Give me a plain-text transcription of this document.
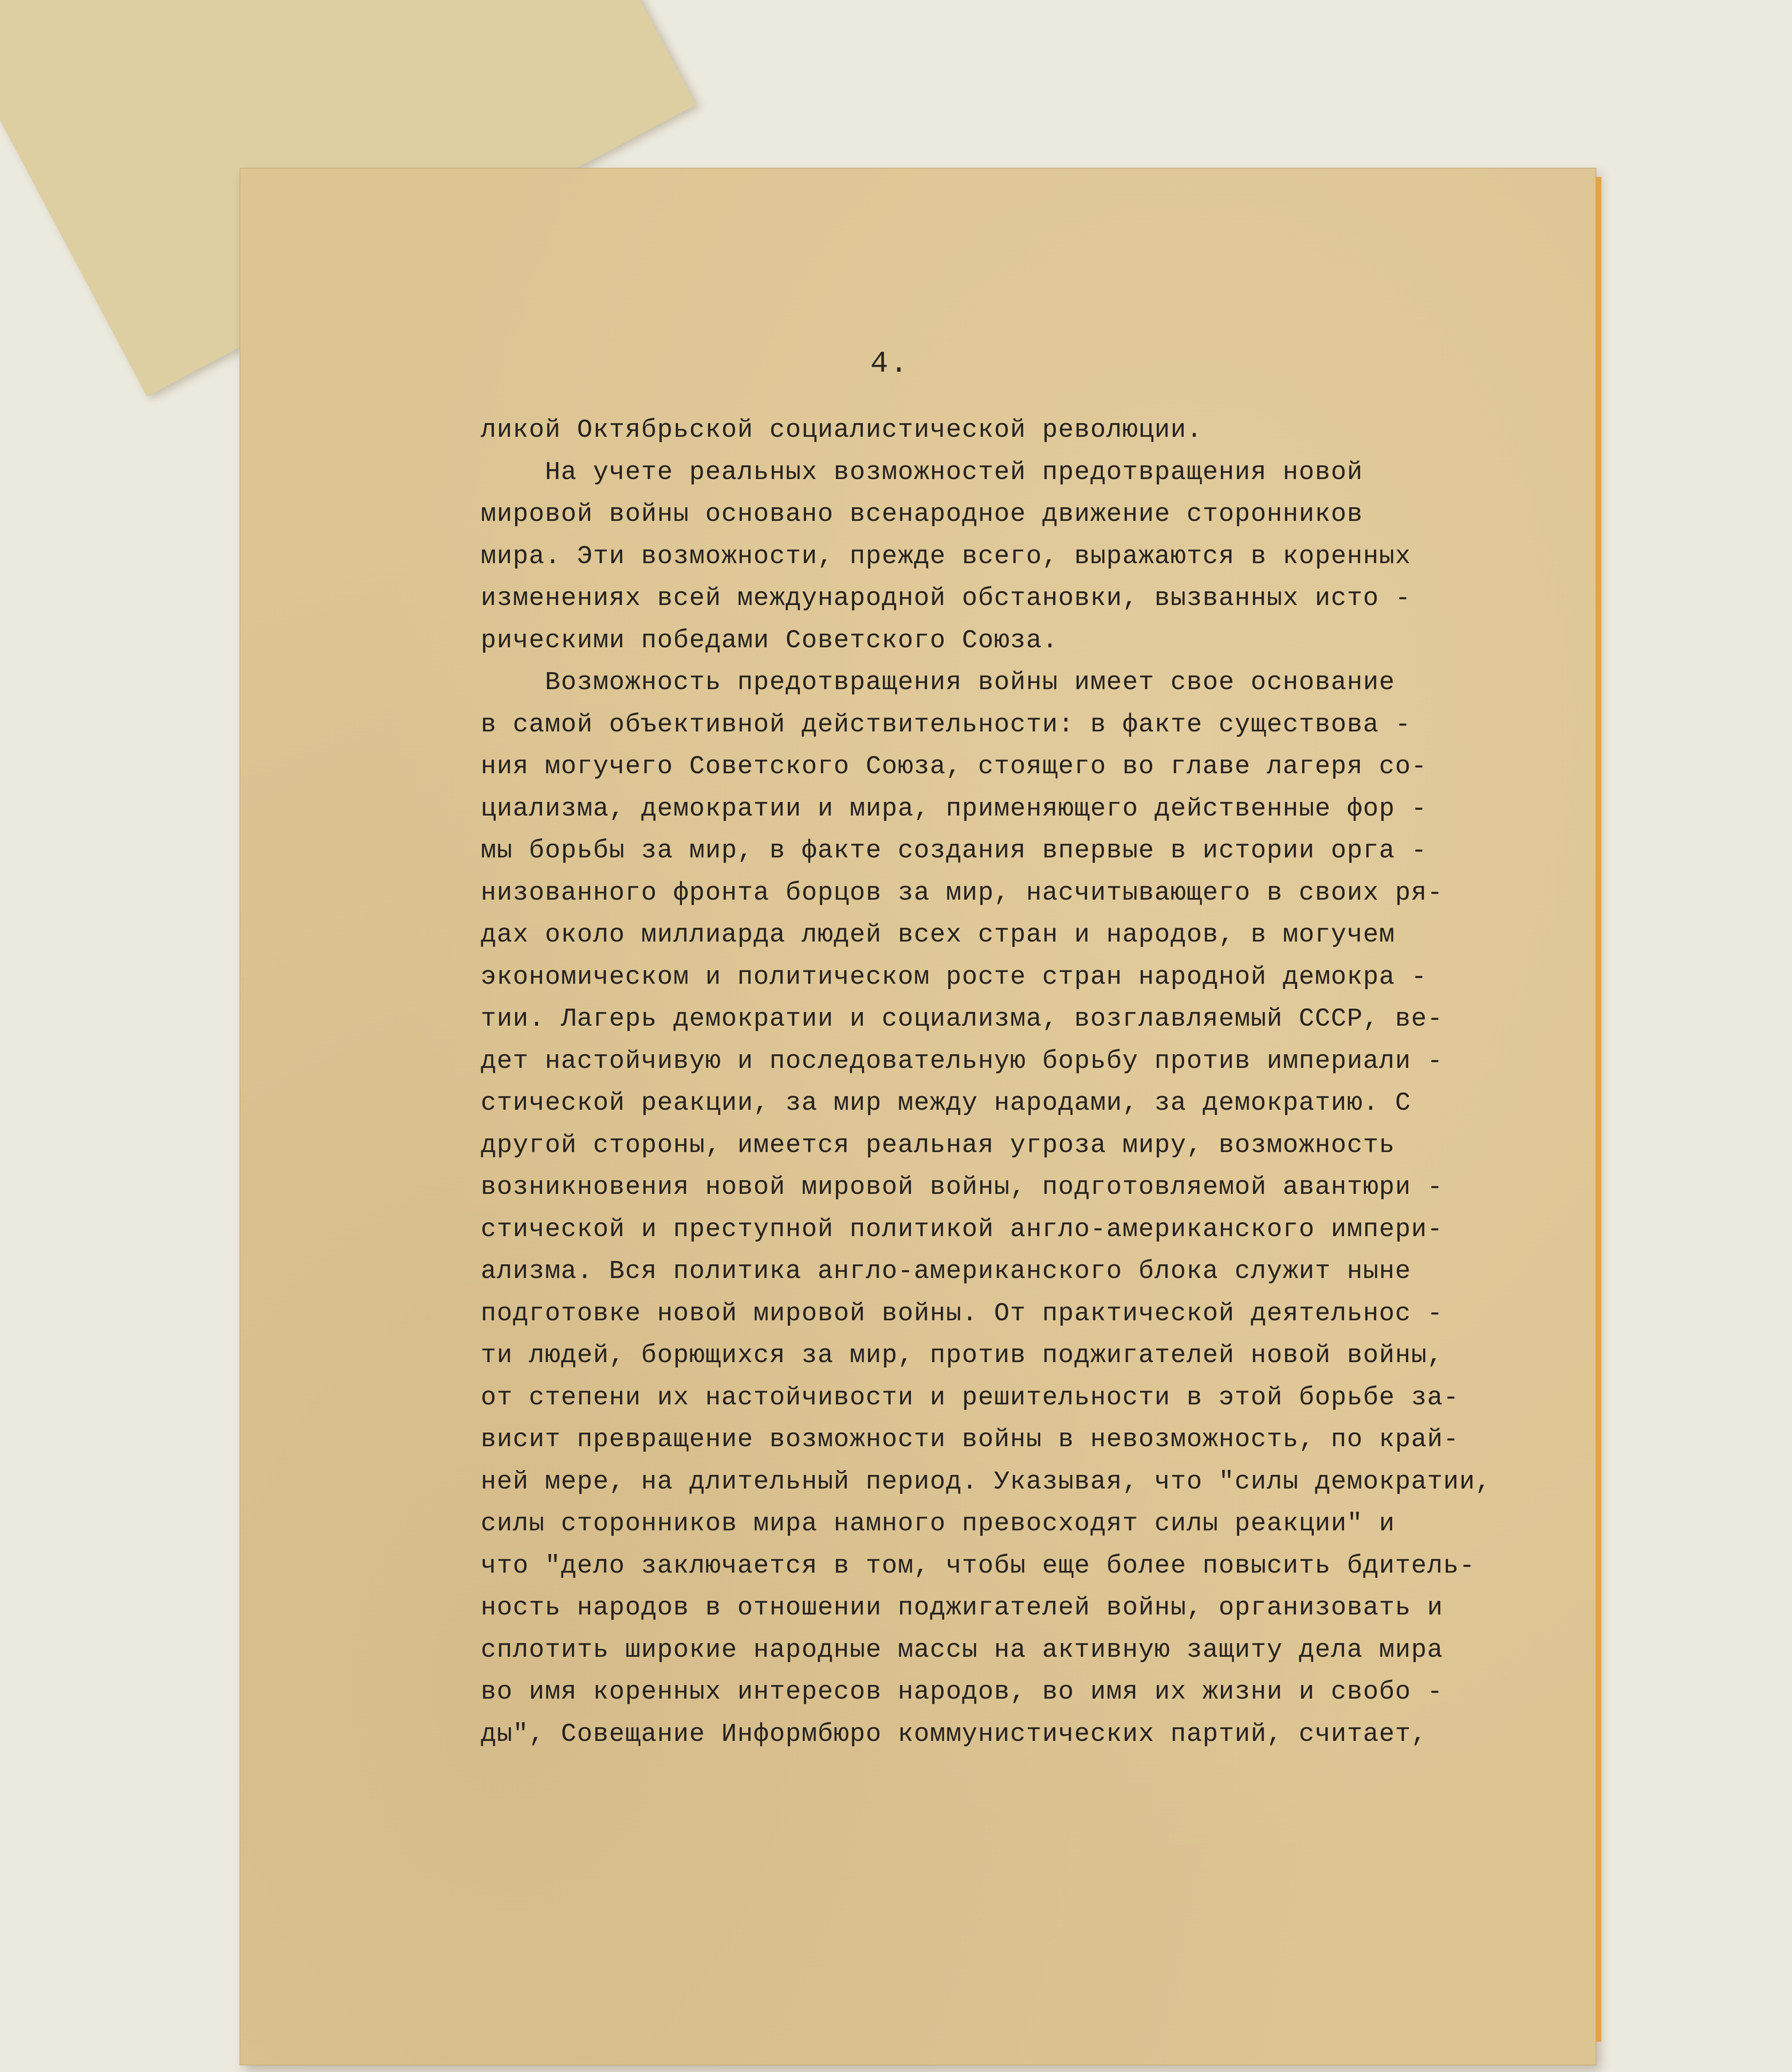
4.
ликой Октябрьской социалистической революции.
На учете реальных возможностей предотвращения новой
мировой войны основано всенародное движение сторонников
мира. Эти возможности, прежде всего, выражаются в коренных
изменениях всей международной обстановки, вызванных исто -
рическими победами Советского Союза.
Возможность предотвращения войны имеет свое основание
в самой объективной действительности: в факте существова -
ния могучего Советского Союза, стоящего во главе лагеря со-
циализма, демократии и мира, применяющего действенные фор -
мы борьбы за мир, в факте создания впервые в истории орга -
низованного фронта борцов за мир, насчитывающего в своих ря-
дах около миллиарда людей всех стран и народов, в могучем
экономическом и политическом росте стран народной демокра -
тии. Лагерь демократии и социализма, возглавляемый СССР, ве-
дет настойчивую и последовательную борьбу против империали -
стической реакции, за мир между народами, за демократию. С
другой стороны, имеется реальная угроза миру, возможность
возникновения новой мировой войны, подготовляемой авантюри -
стической и преступной политикой англо-американского импери-
ализма. Вся политика англо-американского блока служит ныне
подготовке новой мировой войны. От практической деятельнос -
ти людей, борющихся за мир, против поджигателей новой войны,
от степени их настойчивости и решительности в этой борьбе за-
висит превращение возможности войны в невозможность, по край-
ней мере, на длительный период. Указывая, что "силы демократии,
силы сторонников мира намного превосходят силы реакции" и
что "дело заключается в том, чтобы еще более повысить бдитель-
ность народов в отношении поджигателей войны, организовать и
сплотить широкие народные массы на активную защиту дела мира
во имя коренных интересов народов, во имя их жизни и свобо -
ды", Совещание Информбюро коммунистических партий, считает,
